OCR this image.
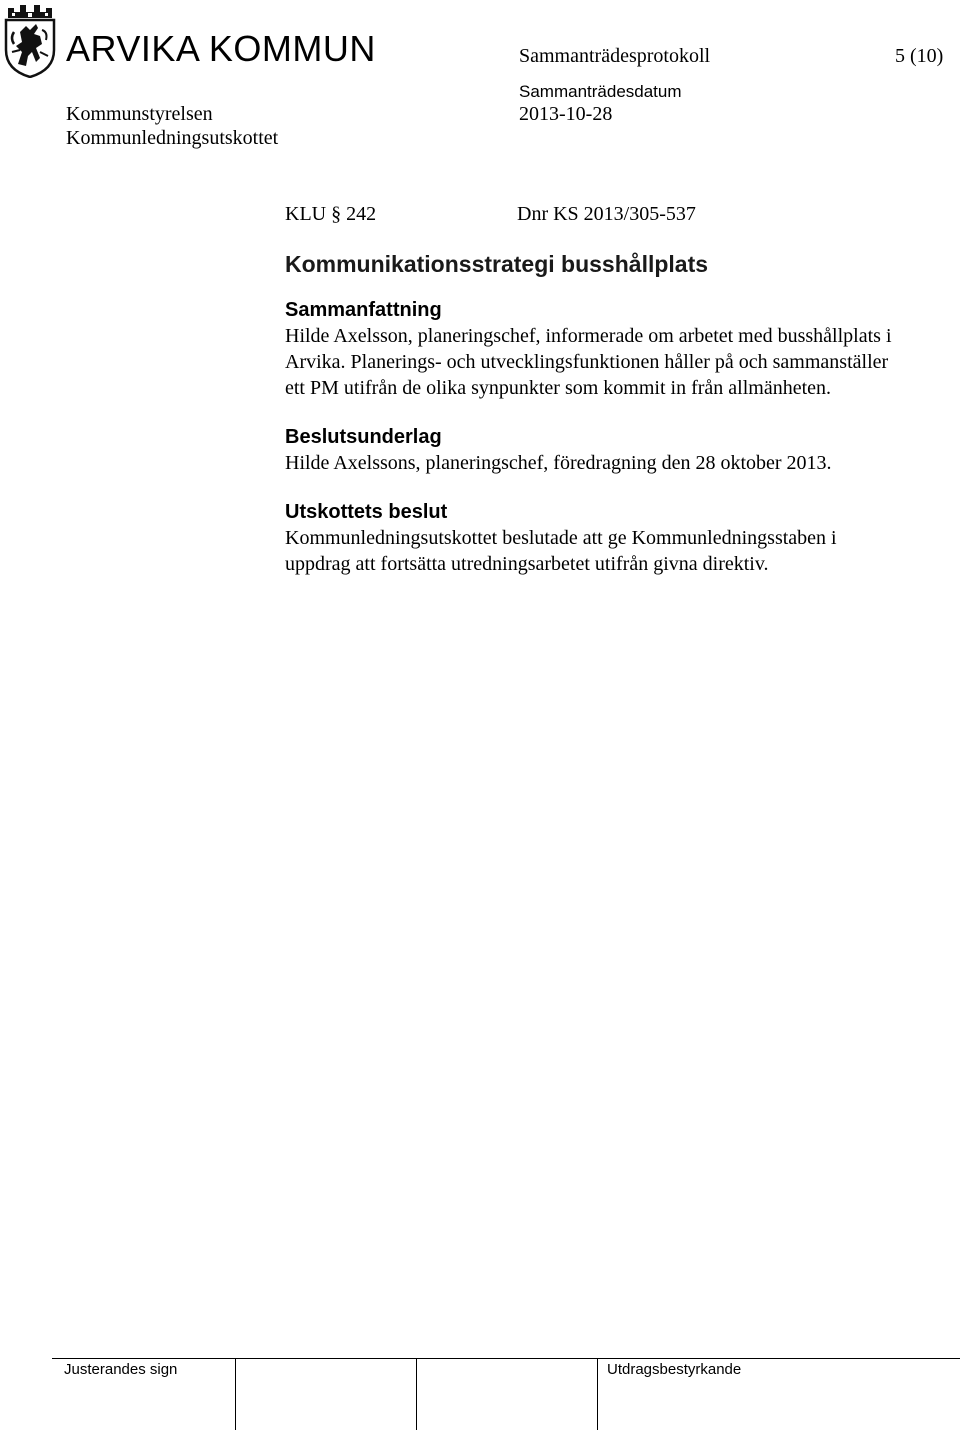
ARVIKA KOMMUN	Sammanträdesprotokoll	5 (10)
Sammanträdesdatum
Kommunstyrelsen	2013-10-28
Kommunledningsutskottet
KLU § 242	Dnr KS 2013/305-537
Kommunikationsstrategi busshållplats
Sammanfattning

Hilde Axelsson, planeringschef, informerade om arbetet med busshållplats i
Arvika. Planerings- och utvecklingsfunktionen håller på och sammanställer
ett PM utifrån de olika synpunkter som kommit in från allmänheten.

Beslutsunderlag

Hilde Axelssons, planeringschef, föredragning den 28 oktober 2013.

Utskottets beslut

Kommunledningsutskottet beslutade att ge Kommunledningsstaben i
uppdrag att fortsätta utredningsarbetet utifrån givna direktiv.

Justerandes sign	Utdragsbestyrkande
